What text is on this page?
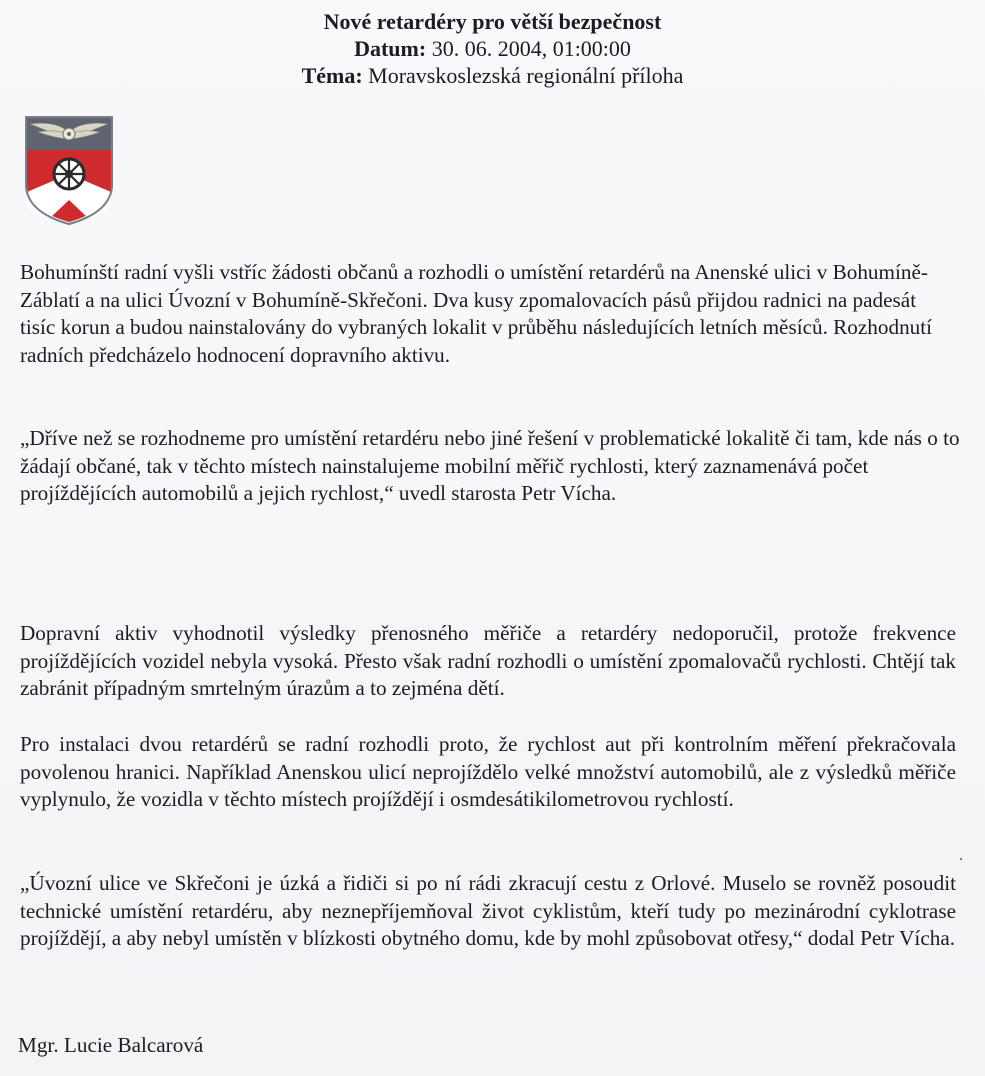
Nové retardéry pro větší bezpečnost
Datum: 30. 06. 2004, 01:00:00
Téma: Moravskoslezská regionální příloha

Bohumínští radní vyšli vstříc žádosti občanů a rozhodli o umístění retardérů na Anenské ulici v Bohumíně-Záblatí a na ulici Úvozní v Bohumíně-Skřečoni. Dva kusy zpomalovacích pásů přijdou radnici na padesát tisíc korun a budou nainstalovány do vybraných lokalit v průběhu následujících letních měsíců. Rozhodnutí radních předcházelo hodnocení dopravního aktivu.

„Dříve než se rozhodneme pro umístění retardéru nebo jiné řešení v problematické lokalitě či tam, kde nás o to žádají občané, tak v těchto místech nainstalujeme mobilní měřič rychlosti, který zaznamenává počet projíždějících automobilů a jejich rychlost,“ uvedl starosta Petr Vícha.

Dopravní aktiv vyhodnotil výsledky přenosného měřiče a retardéry nedoporučil, protože frekvence projíždějících vozidel nebyla vysoká. Přesto však radní rozhodli o umístění zpomalovačů rychlosti. Chtějí tak zabránit případným smrtelným úrazům a to zejména dětí.

Pro instalaci dvou retardérů se radní rozhodli proto, že rychlost aut při kontrolním měření překračovala povolenou hranici. Například Anenskou ulicí neprojíždělo velké množství automobilů, ale z výsledků měřiče vyplynulo, že vozidla v těchto místech projíždějí i osmdesátikilometrovou rychlostí.

„Úvozní ulice ve Skřečoni je úzká a řidiči si po ní rádi zkracují cestu z Orlové. Muselo se rovněž posoudit technické umístění retardéru, aby neznepříjemňoval život cyklistům, kteří tudy po mezinárodní cyklotrase projíždějí, a aby nebyl umístěn v blízkosti obytného domu, kde by mohl způsobovat otřesy,“ dodal Petr Vícha.

Mgr. Lucie Balcarová
